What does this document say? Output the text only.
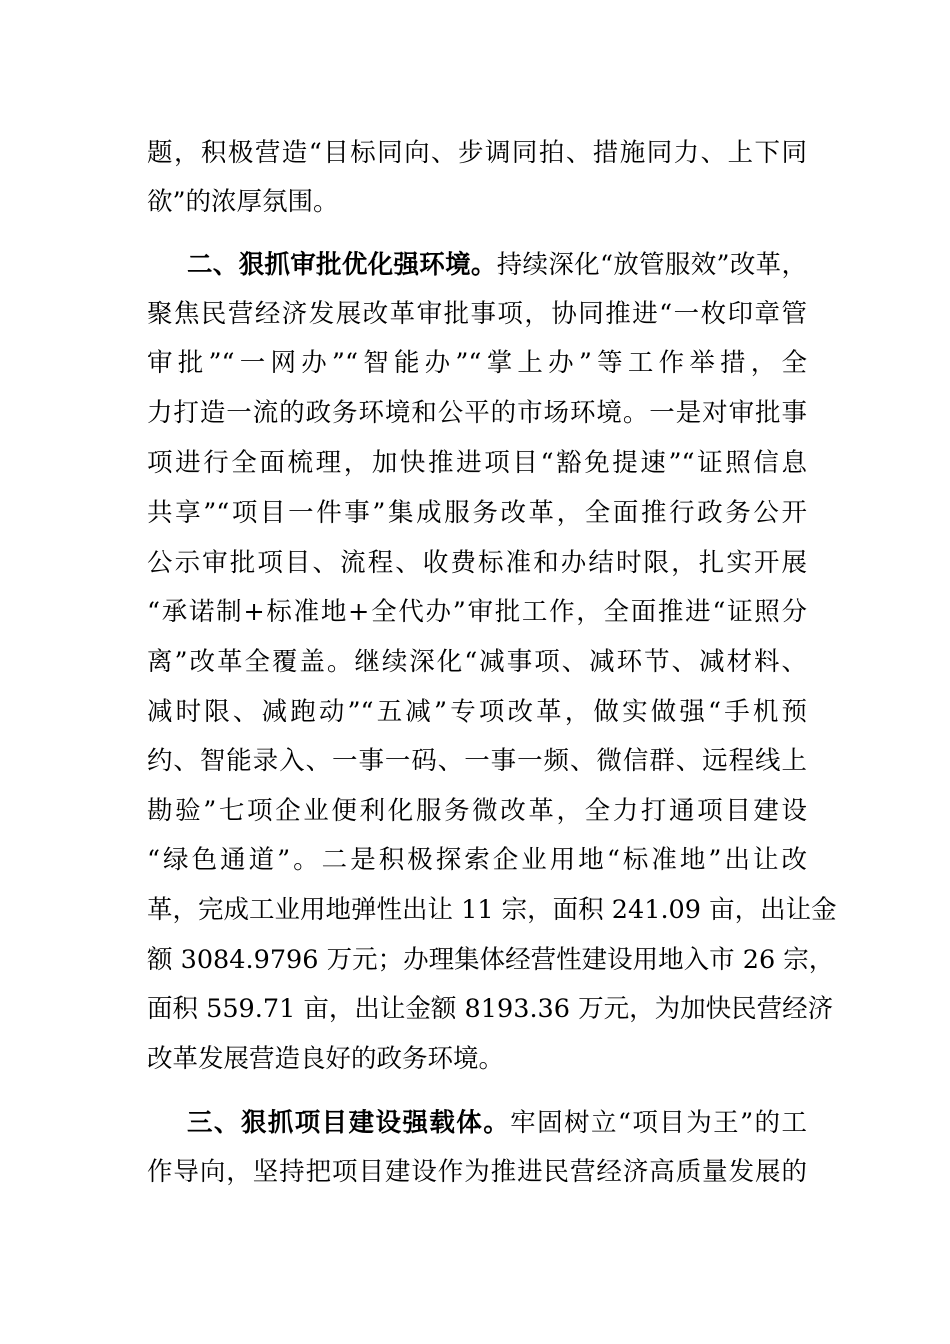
题，积极营造“目标同向、步调同拍、措施同力、上下同
欲”的浓厚氛围。
二、狠抓审批优化强环境。持续深化“放管服效”改革，
聚焦民营经济发展改革审批事项，协同推进“一枚印章管
审批”“一网办”“智能办”“掌上办”等工作举措，全
力打造一流的政务环境和公平的市场环境。一是对审批事
项进行全面梳理，加快推进项目“豁免提速”“证照信息
共享”“项目一件事”集成服务改革，全面推行政务公开
公示审批项目、流程、收费标准和办结时限，扎实开展
“承诺制+标准地+全代办”审批工作，全面推进“证照分
离”改革全覆盖。继续深化“减事项、减环节、减材料、
减时限、减跑动”“五减”专项改革，做实做强“手机预
约、智能录入、一事一码、一事一频、微信群、远程线上
勘验”七项企业便利化服务微改革，全力打通项目建设
“绿色通道”。二是积极探索企业用地“标准地”出让改
革，完成工业用地弹性出让 11 宗，面积 241.09 亩，出让金
额 3084.9796 万元；办理集体经营性建设用地入市 26 宗，
面积 559.71 亩，出让金额 8193.36 万元，为加快民营经济
改革发展营造良好的政务环境。
三、狠抓项目建设强载体。牢固树立“项目为王”的工
作导向，坚持把项目建设作为推进民营经济高质量发展的
